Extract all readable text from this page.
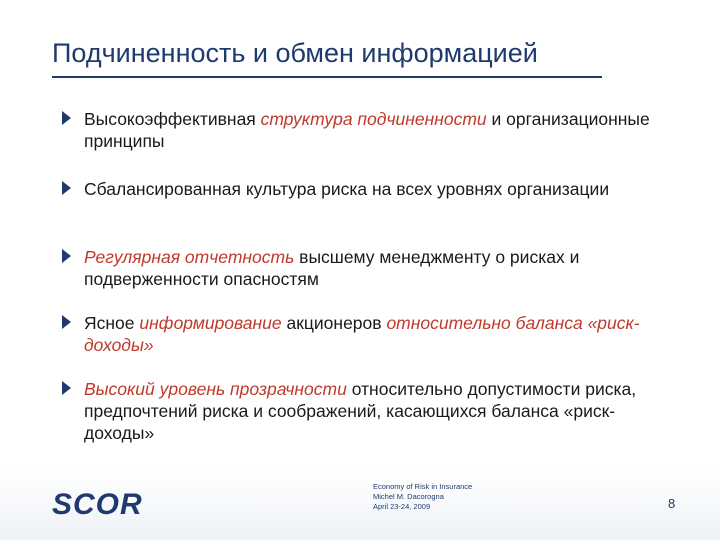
Подчиненность и обмен информацией
Высокоэффективная структура подчиненности и организационные принципы
Сбалансированная культура риска на всех уровнях организации
Регулярная отчетность высшему менеджменту о рисках и подверженности опасностям
Ясное информирование акционеров относительно баланса «риск-доходы»
Высокий уровень прозрачности относительно допустимости риска, предпочтений риска и соображений, касающихся баланса «риск-доходы»
SCOR
Economy of Risk in Insurance
Michel M. Dacorogna
April 23-24, 2009	8
